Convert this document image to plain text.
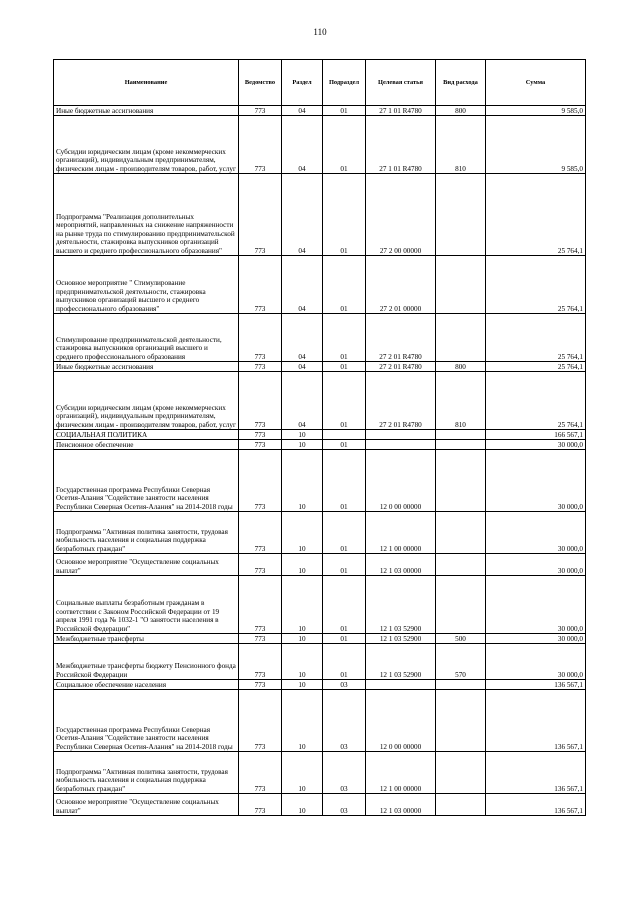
110
Наименование	Ведомство	Раздел	Подраздел	Целевая статья	Вид расхода	Сумма
Иные бюджетные ассигнования	773	04	01	27 1 01 R4780	800	9 585,0
Субсидии юридическим лицам (кроме некоммерческих организаций), индивидуальным предпринимателям, физическим лицам - производителям товаров, работ, услуг	773	04	01	27 1 01 R4780	810	9 585,0
Подпрограмма "Реализация дополнительных мероприятий, направленных на снижение напряженности на рынке труда по стимулированию предпринимательской деятельности, стажировка выпускников организаций высшего и среднего профессионального образования"	773	04	01	27 2 00 00000		25 764,1
Основное мероприятие " Стимулирование предпринимательской деятельности, стажировка выпускников организаций высшего и среднего профессионального образования"	773	04	01	27 2 01 00000		25 764,1
Стимулирование предпринимательской деятельности, стажировка выпускников организаций высшего и среднего профессионального образования	773	04	01	27 2 01 R4780		25 764,1
Иные бюджетные ассигнования	773	04	01	27 2 01 R4780	800	25 764,1
Субсидии юридическим лицам (кроме некоммерческих организаций), индивидуальным предпринимателям, физическим лицам - производителям товаров, работ, услуг	773	04	01	27 2 01 R4780	810	25 764,1
СОЦИАЛЬНАЯ ПОЛИТИКА	773	10				166 567,1
Пенсионное обеспечение	773	10	01			30 000,0
Государственная программа Республики Северная Осетия-Алания "Содействие занятости населения Республики Северная Осетия-Алания" на 2014-2018 годы	773	10	01	12 0 00 00000		30 000,0
Подпрограмма "Активная политика занятости, трудовая мобильность населения и социальная поддержка безработных граждан"	773	10	01	12 1 00 00000		30 000,0
Основное мероприятие "Осуществление социальных выплат"	773	10	01	12 1 03 00000		30 000,0
Социальные выплаты безработным гражданам в соответствии с Законом Российской Федерации от 19 апреля 1991 года № 1032-1 "О занятости населения в Российской Федерации"	773	10	01	12 1 03 52900		30 000,0
Межбюджетные трансферты	773	10	01	12 1 03 52900	500	30 000,0
Межбюджетные трансферты бюджету Пенсионного фонда Российской Федерации	773	10	01	12 1 03 52900	570	30 000,0
Социальное обеспечение населения	773	10	03			136 567,1
Государственная программа Республики Северная Осетия-Алания "Содействие занятости населения Республики Северная Осетия-Алания" на 2014-2018 годы	773	10	03	12 0 00 00000		136 567,1
Подпрограмма "Активная политика занятости, трудовая мобильность населения и социальная поддержка безработных граждан"	773	10	03	12 1 00 00000		136 567,1
Основное мероприятие "Осуществление социальных выплат"	773	10	03	12 1 03 00000		136 567,1
